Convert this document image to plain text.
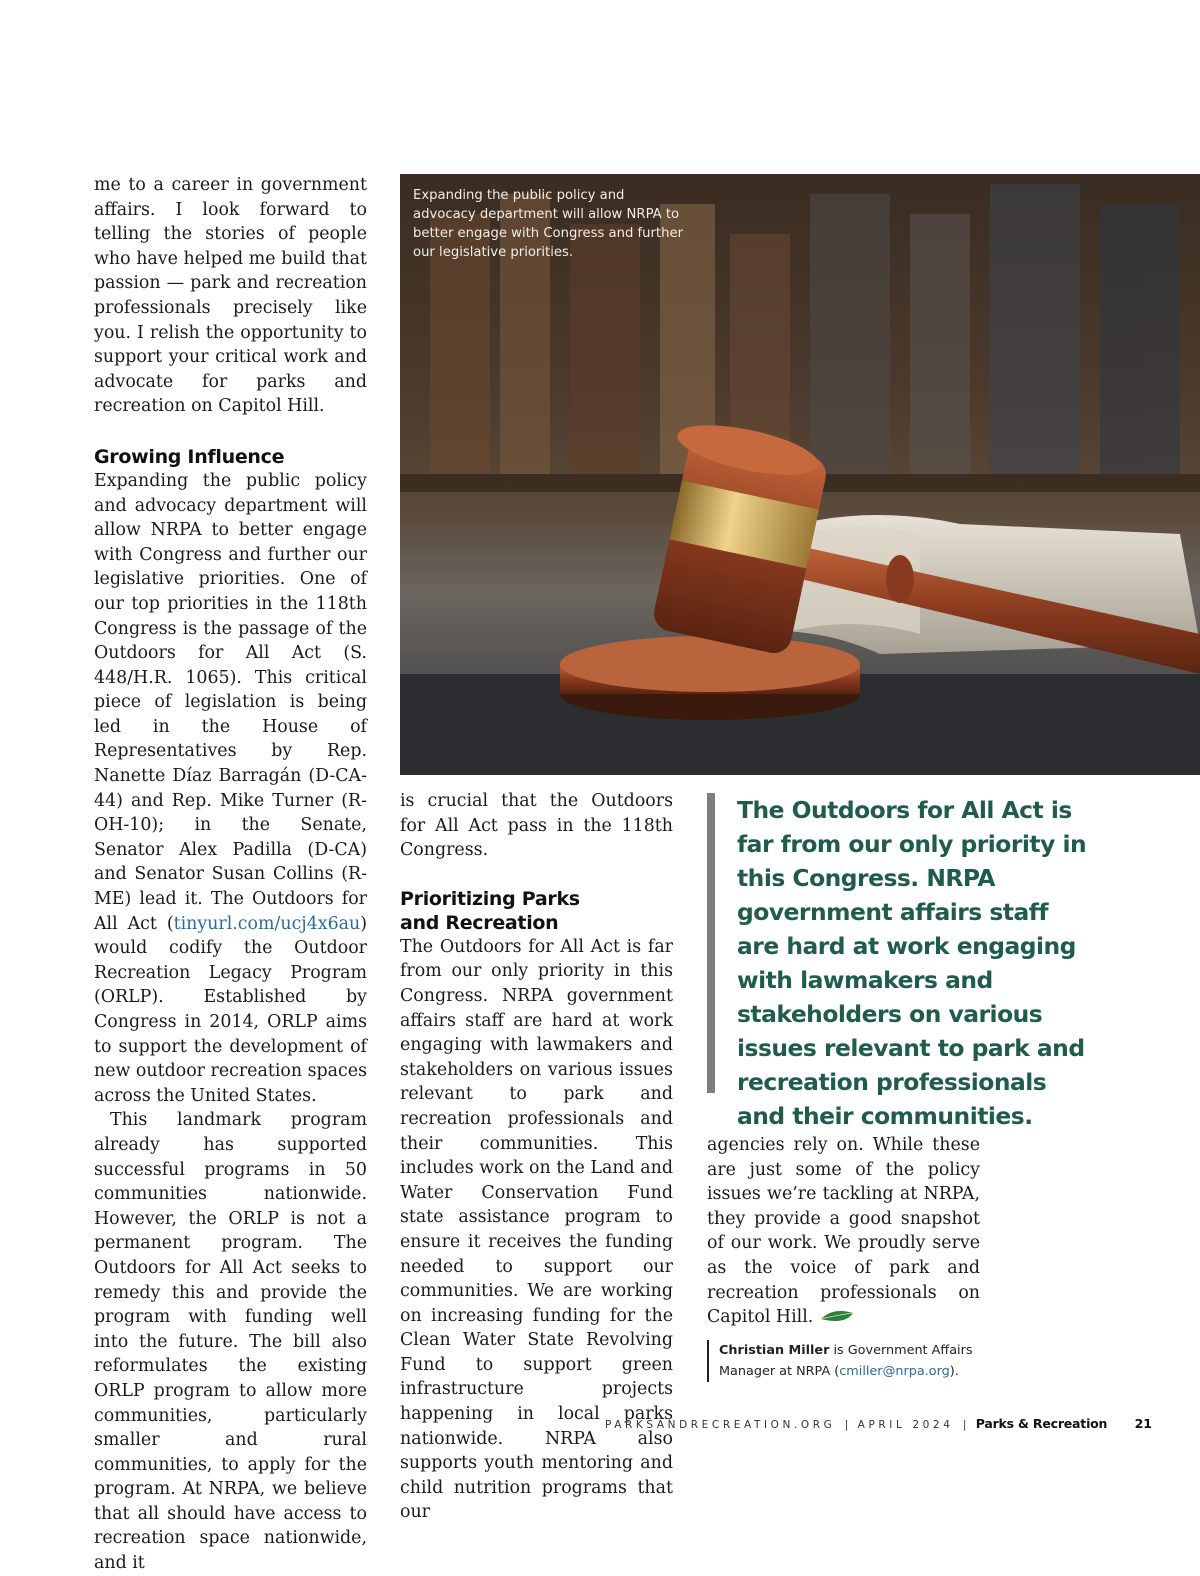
me to a career in government affairs. I look forward to telling the stories of people who have helped me build that passion — park and recreation professionals precisely like you. I relish the opportunity to support your critical work and advocate for parks and recreation on Capitol Hill.

Growing Influence

Expanding the public policy and advocacy department will allow NRPA to better engage with Congress and further our legislative priorities. One of our top priorities in the 118th Congress is the passage of the Outdoors for All Act (S. 448/H.R. 1065). This critical piece of legislation is being led in the House of Representatives by Rep. Nanette Díaz Barragán (D-CA-44) and Rep. Mike Turner (R-OH-10); in the Senate, Senator Alex Padilla (D-CA) and Senator Susan Collins (R-ME) lead it. The Outdoors for All Act (tinyurl.com/ucj4x6au) would codify the Outdoor Recreation Legacy Program (ORLP). Established by Congress in 2014, ORLP aims to support the development of new outdoor recreation spaces across the United States.

This landmark program already has supported successful programs in 50 communities nationwide. However, the ORLP is not a permanent program. The Outdoors for All Act seeks to remedy this and provide the program with funding well into the future. The bill also reformulates the existing ORLP program to allow more communities, particularly smaller and rural communities, to apply for the program. At NRPA, we believe that all should have access to recreation space nationwide, and it

Expanding the public policy and advocacy department will allow NRPA to better engage with Congress and further our legislative priorities.

is crucial that the Outdoors for All Act pass in the 118th Congress.

Prioritizing Parks
and Recreation

The Outdoors for All Act is far from our only priority in this Congress. NRPA government affairs staff are hard at work engaging with lawmakers and stakeholders on various issues relevant to park and recreation professionals and their communities. This includes work on the Land and Water Conservation Fund state assistance program to ensure it receives the funding needed to support our communities. We are working on increasing funding for the Clean Water State Revolving Fund to support green infrastructure projects happening in local parks nationwide. NRPA also supports youth mentoring and child nutrition programs that our

The Outdoors for All Act is far from our only priority in this Congress. NRPA government affairs staff are hard at work engaging with lawmakers and stakeholders on various issues relevant to park and recreation professionals and their communities.

agencies rely on. While these are just some of the policy issues we’re tackling at NRPA, they provide a good snapshot of our work. We proudly serve as the voice of park and recreation professionals on Capitol Hill.

Christian Miller is Government Affairs Manager at NRPA (cmiller@nrpa.org).
PARKSANDRECREATION.ORG | APRIL 2024 | Parks & Recreation 21
